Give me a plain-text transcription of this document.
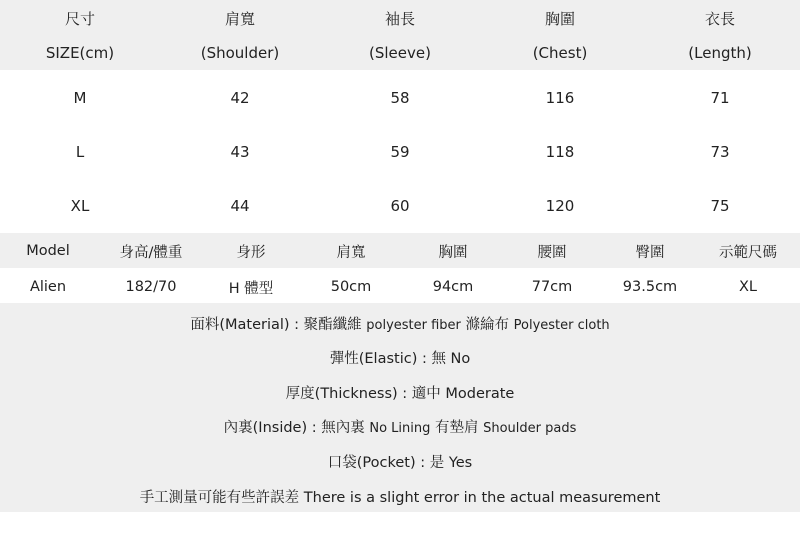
尺寸	肩寬	袖長	胸圍	衣長
SIZE(cm)	(Shoulder)	(Sleeve)	(Chest)	(Length)
M	42	58	116	71
L	43	59	118	73
XL	44	60	120	75
Model	身高/體重	身形	肩寬	胸圍	腰圍	臀圍	示範尺碼
Alien	182/70	H 體型	50cm	94cm	77cm	93.5cm	XL
面料(Material) : 聚酯纖維 polyester fiber 滌綸布 Polyester cloth
彈性(Elastic) : 無 No
厚度(Thickness) : 適中 Moderate
內裏(Inside) : 無內裏 No Lining 有墊肩 Shoulder pads
口袋(Pocket) : 是 Yes
手工測量可能有些許誤差 There is a slight error in the actual measurement
